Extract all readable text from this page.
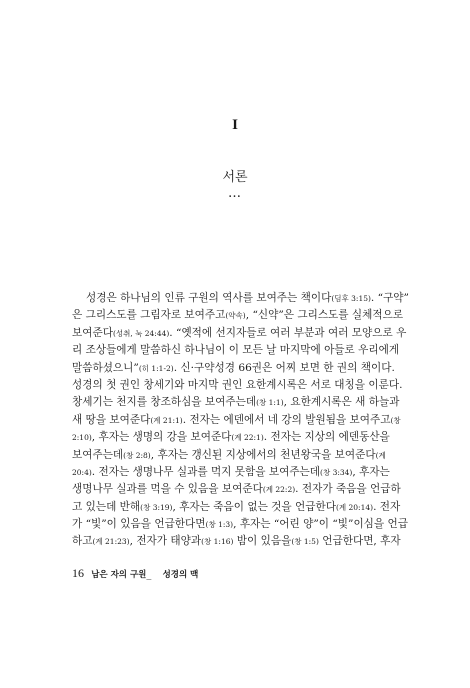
I
서론
…
성경은 하나님의 인류 구원의 역사를 보여주는 책이다(딤후 3:15). “구약”
은 그리스도를 그림자로 보여주고(약속), “신약”은 그리스도를 실체적으로
보여준다(성취, 눅 24:44). “옛적에 선지자들로 여러 부분과 여러 모양으로 우
리 조상들에게 말씀하신 하나님이 이 모든 날 마지막에 아들로 우리에게
말씀하셨으니”(히 1:1-2). 신·구약성경 66권은 어찌 보면 한 권의 책이다.
성경의 첫 권인 창세기와 마지막 권인 요한계시록은 서로 대칭을 이룬다.
창세기는 천지를 창조하심을 보여주는데(창 1:1), 요한계시록은 새 하늘과
새 땅을 보여준다(계 21:1). 전자는 에덴에서 네 강의 발원됨을 보여주고(창
2:10), 후자는 생명의 강을 보여준다(계 22:1). 전자는 지상의 에덴동산을
보여주는데(창 2:8), 후자는 갱신된 지상에서의 천년왕국을 보여준다(계
20:4). 전자는 생명나무 실과를 먹지 못함을 보여주는데(창 3:34), 후자는
생명나무 실과를 먹을 수 있음을 보여준다(계 22:2). 전자가 죽음을 언급하
고 있는데 반해(창 3:19), 후자는 죽음이 없는 것을 언급한다(계 20:14). 전자
가 “빛”이 있음을 언급한다면(창 1:3), 후자는 “어린 양”이 “빛”이심을 언급
하고(계 21:23), 전자가 태양과(창 1:16) 밤이 있음을(창 1:5) 언급한다면, 후자
16 남은 자의 구원_ 성경의 맥
